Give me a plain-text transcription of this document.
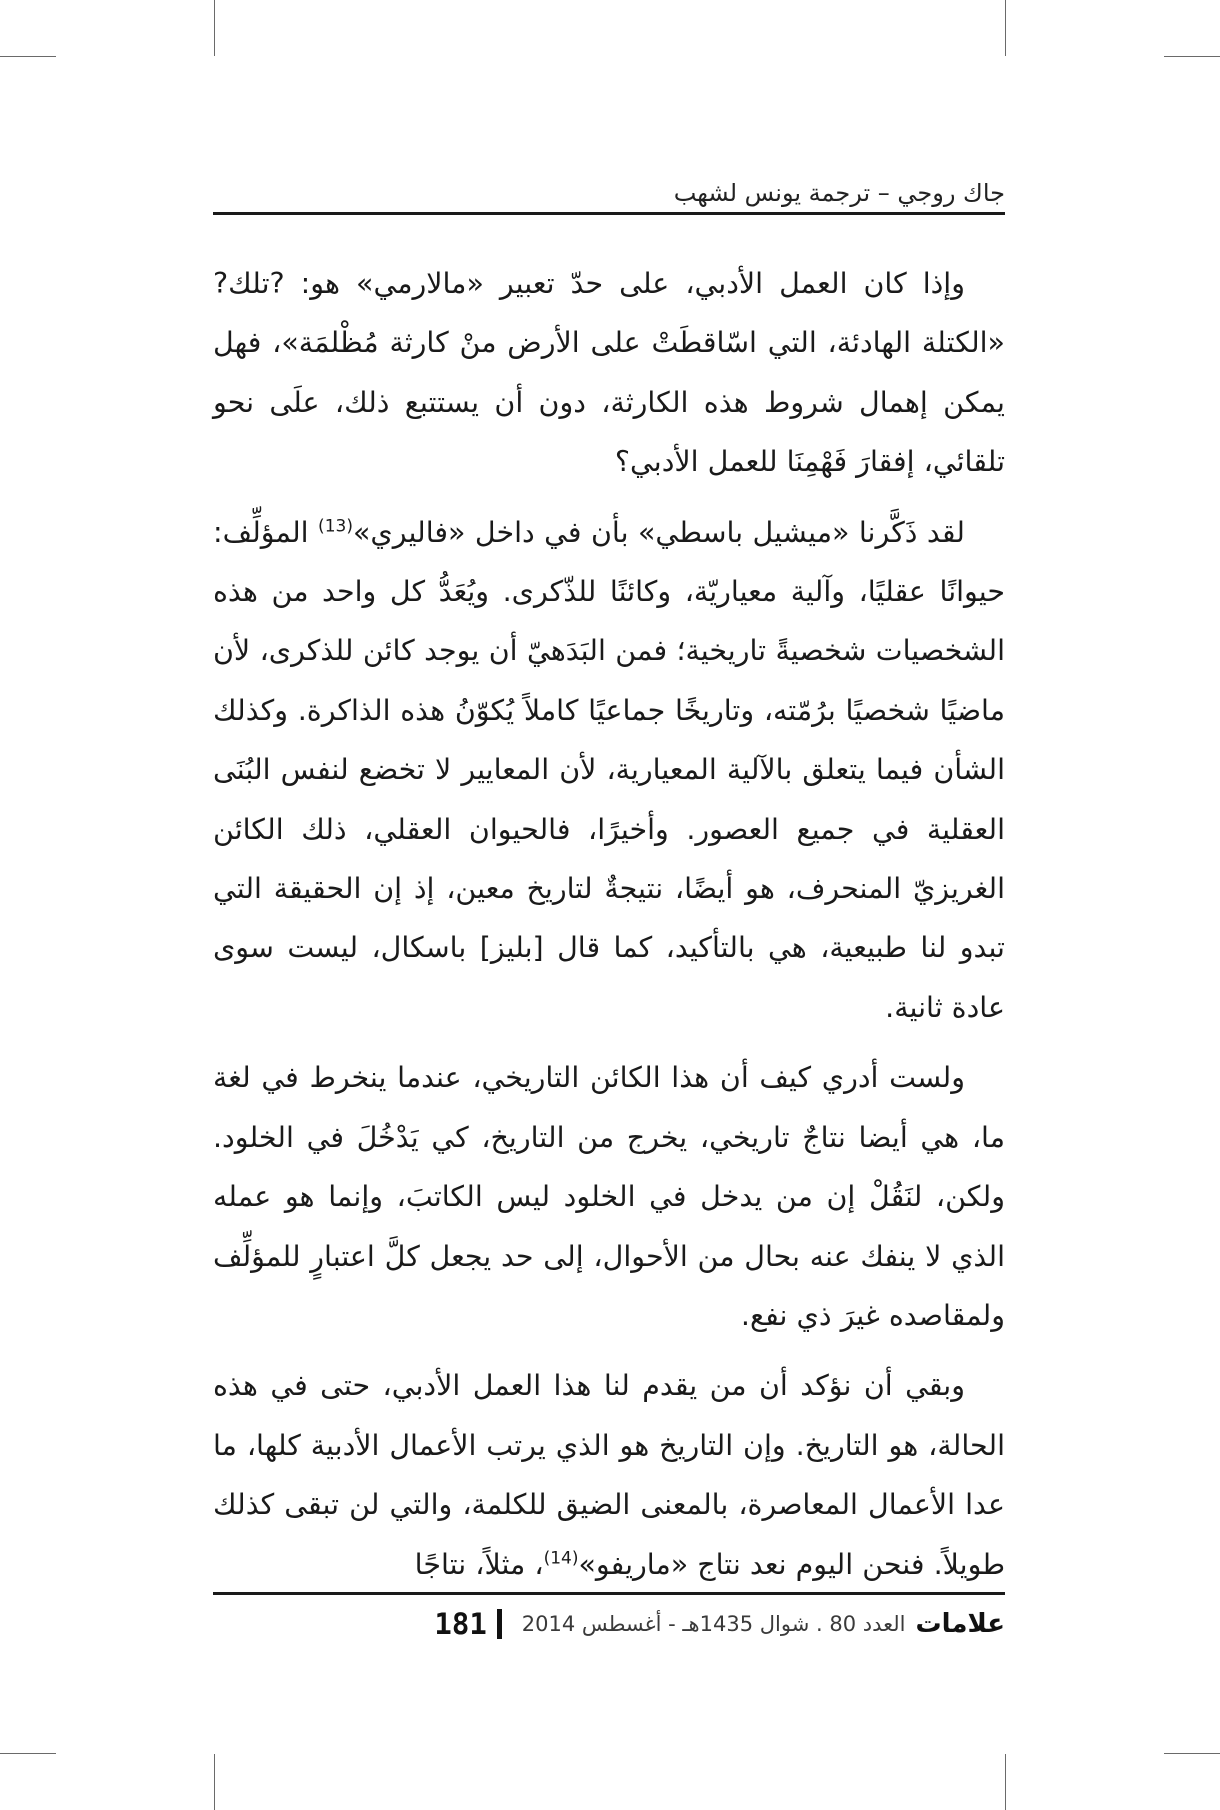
جاك روجي – ترجمة يونس لشهب

وإذا كان العمل الأدبي، على حدّ تعبير «مالارمي» هو: ?تلك? «الكتلة الهادئة، التي اسّاقطَتْ على الأرض منْ كارثة مُظْلمَة»، فهل يمكن إهمال شروط هذه الكارثة، دون أن يستتبع ذلك، علَى نحو تلقائي، إفقارَ فَهْمِنَا للعمل الأدبي؟

لقد ذَكَّرنا «ميشيل باسطي» بأن في داخل «فاليري»$^{(13)}$ المؤلِّف: حيوانًا عقليًا، وآلية معياريّة، وكائنًا للذّكرى. ويُعَدُّ كل واحد من هذه الشخصيات شخصيةً تاريخية؛ فمن البَدَهيّ أن يوجد كائن للذكرى، لأن ماضيًا شخصيًا برُمّته، وتاريخًا جماعيًا كاملاً يُكوّنُ هذه الذاكرة. وكذلك الشأن فيما يتعلق بالآلية المعيارية، لأن المعايير لا تخضع لنفس البُنَى العقلية في جميع العصور. وأخيرًا، فالحيوان العقلي، ذلك الكائن الغريزيّ المنحرف، هو أيضًا، نتيجةٌ لتاريخ معين، إذ إن الحقيقة التي تبدو لنا طبيعية، هي بالتأكيد، كما قال [بليز] باسكال، ليست سوى عادة ثانية.

ولست أدري كيف أن هذا الكائن التاريخي، عندما ينخرط في لغة ما، هي أيضا نتاجٌ تاريخي، يخرج من التاريخ، كي يَدْخُلَ في الخلود. ولكن، لنَقُلْ إن من يدخل في الخلود ليس الكاتبَ، وإنما هو عمله الذي لا ينفك عنه بحال من الأحوال، إلى حد يجعل كلَّ اعتبارٍ للمؤلِّف ولمقاصده غيرَ ذي نفع.

وبقي أن نؤكد أن من يقدم لنا هذا العمل الأدبي، حتى في هذه الحالة، هو التاريخ. وإن التاريخ هو الذي يرتب الأعمال الأدبية كلها، ما عدا الأعمال المعاصرة، بالمعنى الضيق للكلمة، والتي لن تبقى كذلك طويلاً. فنحن اليوم نعد نتاج «ماريفو»$^{(14)}$، مثلاً، نتاجًا

علامات
العدد 80 . شوال 1435هـ - أغسطس 2014
181
